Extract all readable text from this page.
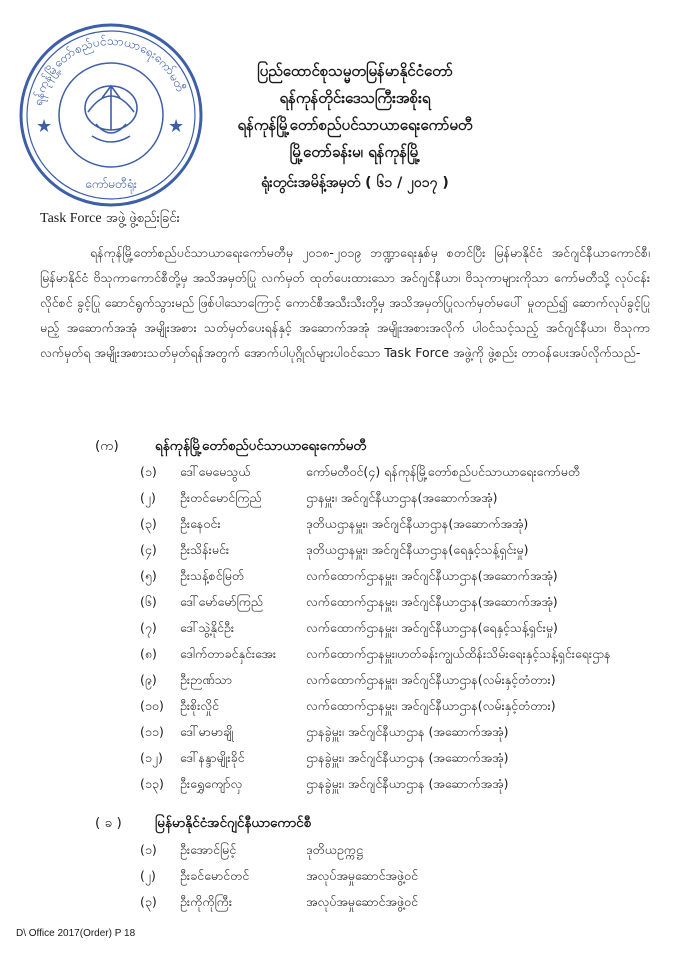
ရန်ကုန်မြို့တော်စည်ပင်သာယာရေးကော်မတီ
★	★
ကော်မတီရုံး
ပြည်ထောင်စုသမ္မတမြန်မာနိုင်ငံတော်
ရန်ကုန်တိုင်းဒေသကြီးအစိုးရ
ရန်ကုန်မြို့တော်စည်ပင်သာယာရေးကော်မတီ
မြို့တော်ခန်းမ၊ ရန်ကုန်မြို့
ရုံးတွင်းအမိန့်အမှတ် ( ၆၁ / ၂၀၁၇ )
Task Force အဖွဲ့ ဖွဲ့စည်းခြင်း
ရန်ကုန်မြို့တော်စည်ပင်သာယာရေးကော်မတီမှ ၂၀၁၈-၂၀၁၉ ဘဏ္ဍာရေးနှစ်မှ စတင်ပြီး မြန်မာနိုင်ငံ အင်ဂျင်နီယာကောင်စီ၊ မြန်မာနိုင်ငံ ဗိသုကာကောင်စီတို့မှ အသိအမှတ်ပြု လက်မှတ် ထုတ်ပေးထားသော အင်ဂျင်နီယာ၊ ဗိသုကာများကိုသာ ကော်မတီသို့ လုပ်ငန်းလိုင်စင် ခွင့်ပြု ဆောင်ရွက်သွားမည် ဖြစ်ပါသောကြောင့် ကောင်စီအသီးသီးတို့မှ အသိအမှတ်ပြုလက်မှတ်မပေါ် မှုတည်၍ ဆောက်လုပ်ခွင့်ပြုမည့် အဆောက်အအုံ အမျိုးအစား သတ်မှတ်ပေးရန်နှင့် အဆောက်အအုံ အမျိုးအစားအလိုက် ပါဝင်သင့်သည့် အင်ဂျင်နီယာ၊ ဗိသုကာ လက်မှတ်ရ အမျိုးအစားသတ်မှတ်ရန်အတွက် အောက်ပါပုဂ္ဂိုလ်များပါဝင်သော Task Force အဖွဲ့ကို ဖွဲ့စည်း တာဝန်ပေးအပ်လိုက်သည်-
(က)	ရန်ကုန်မြို့တော်စည်ပင်သာယာရေးကော်မတီ
(၁)	ဒေါ်မေမေသွယ်	ကော်မတီဝင်(၄) ရန်ကုန်မြို့တော်စည်ပင်သာယာရေးကော်မတီ
(၂)	ဦးတင်မောင်ကြည်	ဌာနမှူး၊ အင်ဂျင်နီယာဌာန(အဆောက်အအုံ)
(၃)	ဦးနေဝင်း	ဒုတိယဌာနမှူး၊ အင်ဂျင်နီယာဌာန(အဆောက်အအုံ)
(၄)	ဦးသိန်းမင်း	ဒုတိယဌာနမှူး၊ အင်ဂျင်နီယာဌာန(ရေနှင့်သန့်ရှင်းမှု)
(၅)	ဦးသန့်စင်မြတ်	လက်ထောက်ဌာနမှူး၊ အင်ဂျင်နီယာဌာန(အဆောက်အအုံ)
(၆)	ဒေါ်မော်မော်ကြည်	လက်ထောက်ဌာနမှူး၊ အင်ဂျင်နီယာဌာန(အဆောက်အအုံ)
(၇)	ဒေါ်သွဲ့နိုင်ဦး	လက်ထောက်ဌာနမှူး၊ အင်ဂျင်နီယာဌာန(ရေနှင့်သန့်ရှင်းမှု)
(၈)	ဒေါက်တာခင်နှင်းအေး	လက်ထောက်ဌာနမှူး၊ဟတ်ခန်းကျွယ်ထိန်းသိမ်းရေးနှင့်သန့်ရှင်းရေးဌာန
(၉)	ဦးဉာဏ်သာ	လက်ထောက်ဌာနမှူး၊ အင်ဂျင်နီယာဌာန(လမ်းနှင့်တံတား)
(၁၀)	ဦးစိုးလှိုင်	လက်ထောက်ဌာနမှူး၊ အင်ဂျင်နီယာဌာန(လမ်းနှင့်တံတား)
(၁၁)	ဒေါ်မာမာချို	ဌာနခွဲမှူး၊ အင်ဂျင်နီယာဌာန (အဆောက်အအုံ)
(၁၂)	ဒေါ်နန္ဒာမျိုးခိုင်	ဌာနခွဲမှူး၊ အင်ဂျင်နီယာဌာန (အဆောက်အအုံ)
(၁၃)	ဦးရွှေကျော်လှ	ဌာနခွဲမှူး၊ အင်ဂျင်နီယာဌာန (အဆောက်အအုံ)
( ခ ) မြန်မာနိုင်ငံအင်ဂျင်နီယာကောင်စီ
(၁)	ဦးအောင်မြင့်	ဒုတိယဥက္ကဋ္ဌ
(၂)	ဦးခင်မောင်တင်	အလုပ်အမှုဆောင်အဖွဲ့ဝင်
(၃)	ဦးကိုကိုကြီး	အလုပ်အမှုဆောင်အဖွဲ့ဝင်
D\ Office 2017(Order) P 18
